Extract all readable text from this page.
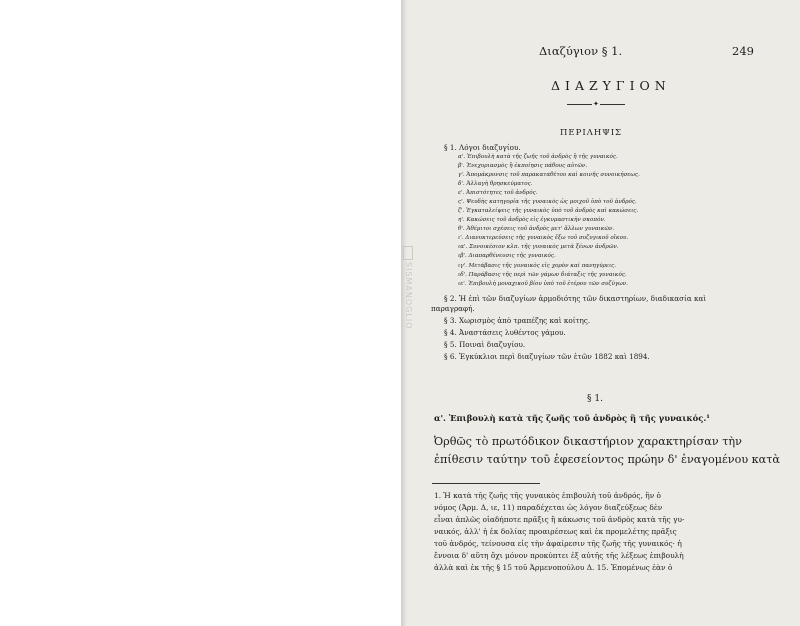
Διαζύγιον § 1.	249
ΔΙΑΖΥΓΙΟΝ
✦
ΠΕΡΙΛΗΨΙΣ
§ 1. Λόγοι διαζυγίου.
α'. Ἐπιβουλὴ κατὰ τῆς ζωῆς τοῦ ἀνδρὸς ἢ τῆς γυναικός.
β'. Ἐνεχυριασμὸς ἢ ἐκποίησις πάθους αὐτῶν.
γ'. Ἀπομάκρυνσις τοῦ παρακαταθέτου καὶ κοινῆς συνοικήσεως.
δ'. Ἀλλαγὴ θρησκεύματος.
ε'. Ἀπιστότητες τοῦ ἀνδρός.
ς'. Ψευδὴς κατηγορία τῆς γυναικὸς ὡς μοιχοῦ ὑπὸ τοῦ ἀνδρός.
ζ'. Ἐγκαταλείψεις τῆς γυναικὸς ὑπὸ τοῦ ἀνδρὸς καὶ κακώσεις.
η'. Κακώσεις τοῦ ἀνδρὸς εἰς ἐγκυμαστικὴν σκοπόν.
θ'. Ἀθέμιτοι σχέσεις τοῦ ἀνδρὸς μετ' ἄλλων γυναικῶν.
ι'. Διανυκτερεύσεις τῆς γυναικὸς ἔξω τοῦ συζυγικοῦ οἴκου.
ια'. Συνοικέσιον κλπ. τῆς γυναικὸς μετὰ ξένων ἀνδρῶν.
ιβ'. Διαπαρθένευσις τῆς γυναικός.
ιγ'. Μετάβασις τῆς γυναικὸς εἰς χορὸν καὶ πανηγύρεις.
ιδ'. Παράβασις τῆς περὶ τῶν γάμων διάταξις τῆς γυναικός.
ιε'. Ἐπιβουλὴ μοναχικοῦ βίου ὑπὸ τοῦ ἑτέρου τῶν συζύγων.
§ 2. Ἡ ἐπὶ τῶν διαζυγίων ἁρμοδιότης τῶν δικαστηρίων, διαδικασία καὶ
παραγραφή.
§ 3. Χωρισμὸς ἀπὸ τραπέζης καὶ κοίτης.
§ 4. Ἀναστάσεις λυθέντος γάμου.
§ 5. Ποιναὶ διαζυγίου.
§ 6. Ἐγκύκλιοι περὶ διαζυγίων τῶν ἐτῶν 1882 καὶ 1894.
§ 1.
α'. Ἐπιβουλὴ κατὰ τῆς ζωῆς τοῦ ἀνδρὸς ἢ τῆς γυναικός.¹
Ὀρθῶς τὸ πρωτόδικον δικαστήριον χαρακτηρίσαν τὴν
ἐπίθεσιν ταύτην τοῦ ἐφεσείοντος πρώην δ' ἐναγομένου κατὰ
1. Ἡ κατὰ τῆς ζωῆς τῆς γυναικὸς ἐπιβουλὴ τοῦ ἀνδρός, ἣν ὁ
νόμος (Ἀρμ. Δ, ιε, 11) παραδέχεται ὡς λόγον διαζεύξεως δὲν
εἶναι ἁπλῶς οἱαδήποτε πρᾶξις ἢ κάκωσις τοῦ ἀνδρὸς κατὰ τῆς γυ-
ναικός, ἀλλ' ἡ ἐκ δολίας προαιρέσεως καὶ ἐκ προμελέτης πρᾶξις
τοῦ ἀνδρός, τείνουσα εἰς τὴν ἀφαίρεσιν τῆς ζωῆς τῆς γυναικός· ἡ
ἔννοια δ' αὕτη ὄχι μόνον προκύπτει ἐξ αὐτῆς τῆς λέξεως ἐπιβουλὴ
ἀλλὰ καὶ ἐκ τῆς § 15 τοῦ Ἀρμενοπούλου Δ. 15. Ἐπομένως ἐὰν ὁ
SISMANOGLIO
